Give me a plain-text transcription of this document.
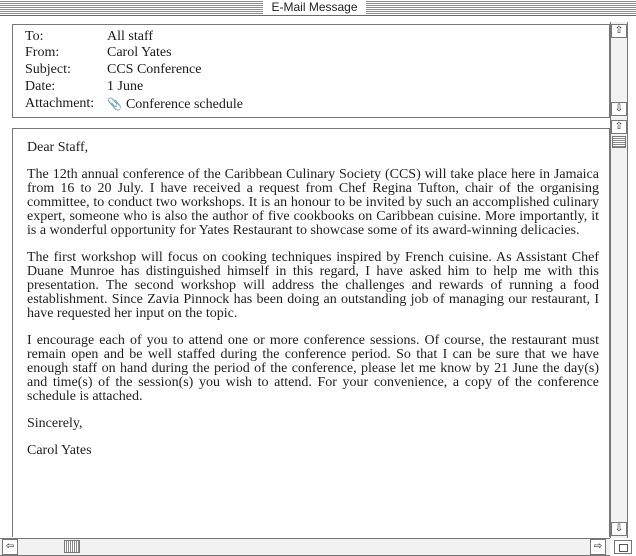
E-Mail Message
To:	All staff
From:	Carol Yates
Subject:	CCS Conference
Date:	1 June
Attachment: 📎 Conference schedule

Dear Staff,

The 12th annual conference of the Caribbean Culinary Society (CCS) will take place here in Jamaica from 16 to 20 July. I have received a request from Chef Regina Tufton, chair of the organising committee, to conduct two workshops. It is an honour to be invited by such an accomplished culinary expert, someone who is also the author of five cookbooks on Caribbean cuisine. More importantly, it is a wonderful opportunity for Yates Restaurant to showcase some of its award-winning delicacies.

The first workshop will focus on cooking techniques inspired by French cuisine. As Assistant Chef Duane Munroe has distinguished himself in this regard, I have asked him to help me with this presentation. The second workshop will address the challenges and rewards of running a food establishment. Since Zavia Pinnock has been doing an outstanding job of managing our restaurant, I have requested her input on the topic.

I encourage each of you to attend one or more conference sessions. Of course, the restaurant must remain open and be well staffed during the conference period. So that I can be sure that we have enough staff on hand during the period of the conference, please let me know by 21 June the day(s) and time(s) of the session(s) you wish to attend. For your convenience, a copy of the conference schedule is attached.

Sincerely,

Carol Yates

⇧
⇩
⇧
⇩
⇦	⇨
